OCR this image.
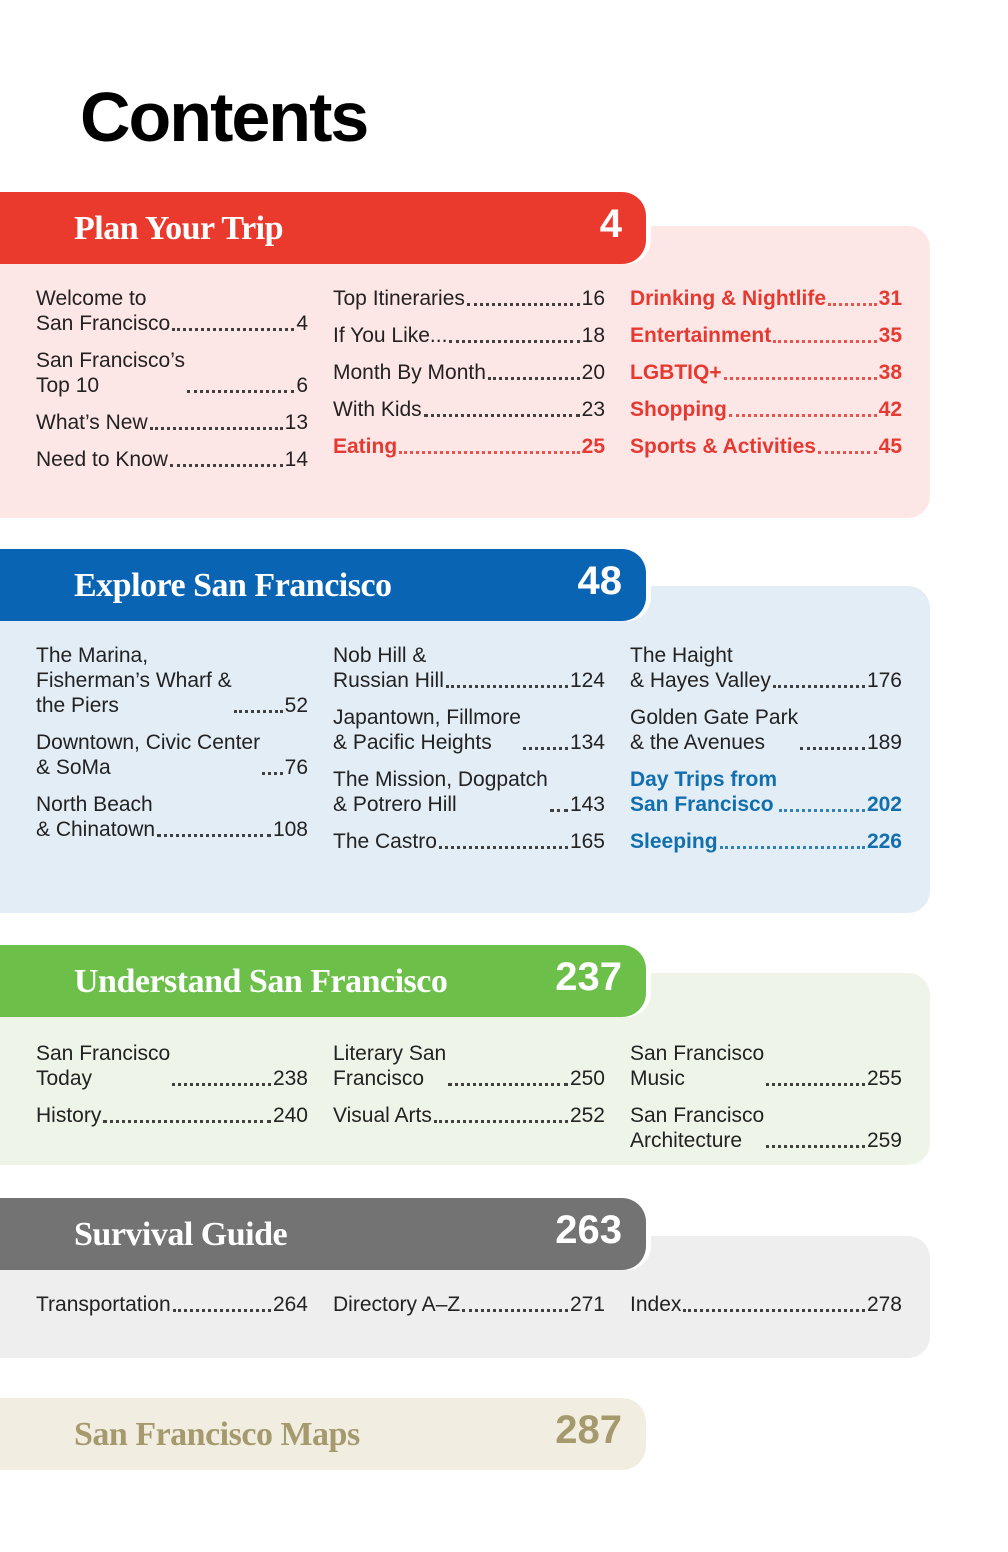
Contents
Plan Your Trip	4
Welcome to
San Francisco	4
San Francisco’s
Top 10	6
What’s New	13
Need to Know	14
Top Itineraries	16
If You Like...	18
Month By Month	20
With Kids	23
Eating	25
Drinking & Nightlife	31
Entertainment	35
LGBTIQ+	38
Shopping	42
Sports & Activities	45
Explore San Francisco	48
The Marina,
Fisherman’s Wharf &
the Piers	52
Downtown, Civic Center
& SoMa	76
North Beach
& Chinatown	108
Nob Hill &
Russian Hill	124
Japantown, Fillmore
& Pacific Heights	134
The Mission, Dogpatch
& Potrero Hill	143
The Castro	165
The Haight
& Hayes Valley	176
Golden Gate Park
& the Avenues	189
Day Trips from
San Francisco	202
Sleeping	226
Understand San Francisco	237
San Francisco
Today	238
History	240
Literary San
Francisco	250
Visual Arts	252
San Francisco
Music	255
San Francisco
Architecture	259
Survival Guide	263
Transportation	264 Directory A–Z	271 Index	278
San Francisco Maps	287
